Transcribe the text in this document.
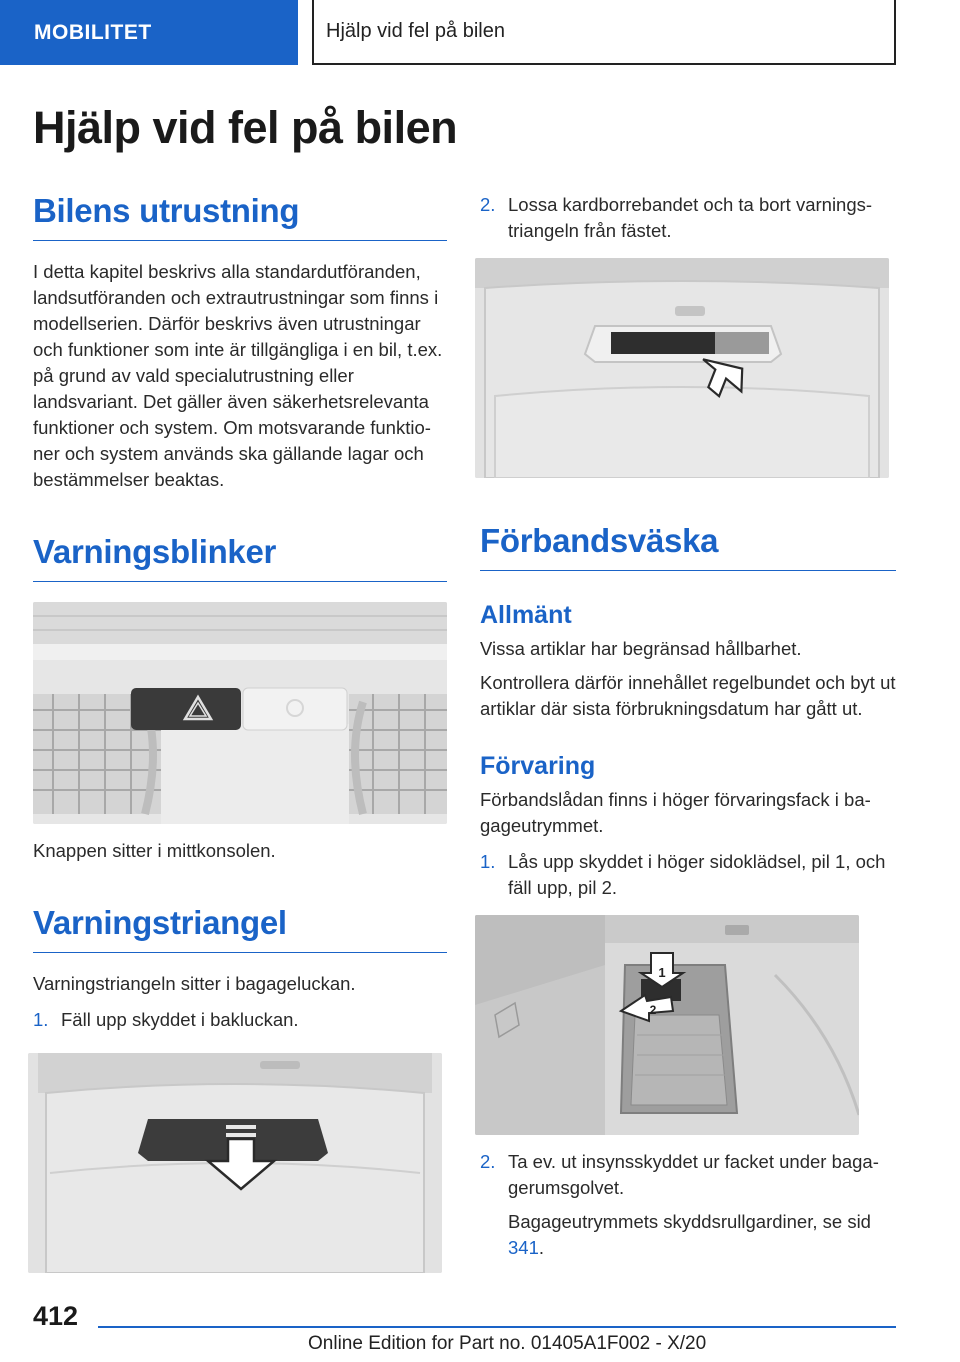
MOBILITET	Hjälp vid fel på bilen
Hjälp vid fel på bilen
Bilens utrustning

I detta kapitel beskrivs alla standardutföranden, landsutföranden och extrautrustningar som finns i modellserien. Därför beskrivs även utrustningar och funktioner som inte är tillgängliga i en bil, t.ex. på grund av vald specialutrustning eller landsvariant. Det gäller även säkerhetsrelevanta funktioner och system. Om motsvarande funktio‐ner och system används ska gällande lagar och bestämmelser beaktas.

Varningsblinker

Knappen sitter i mittkonsolen.

Varningstriangel

Varningstriangeln sitter i bagageluckan.

1. Fäll upp skyddet i bakluckan.
2. Lossa kardborrebandet och ta bort varnings‐triangeln från fästet.
Förbandsväska
Allmänt

Vissa artiklar har begränsad hållbarhet.

Kontrollera därför innehållet regelbundet och byt ut artiklar där sista förbrukningsdatum har gått ut.

Förvaring

Förbandslådan finns i höger förvaringsfack i ba‐gageutrymmet.

1. Lås upp skyddet i höger sidoklädsel, pil 1, och fäll upp, pil 2.
1
2
2. Ta ev. ut insynsskyddet ur facket under baga‐gerumsgolvet.
Bagageutrymmets skyddsrullgardiner, se sid 341.
412
Online Edition for Part no. 01405A1F002 - X/20
